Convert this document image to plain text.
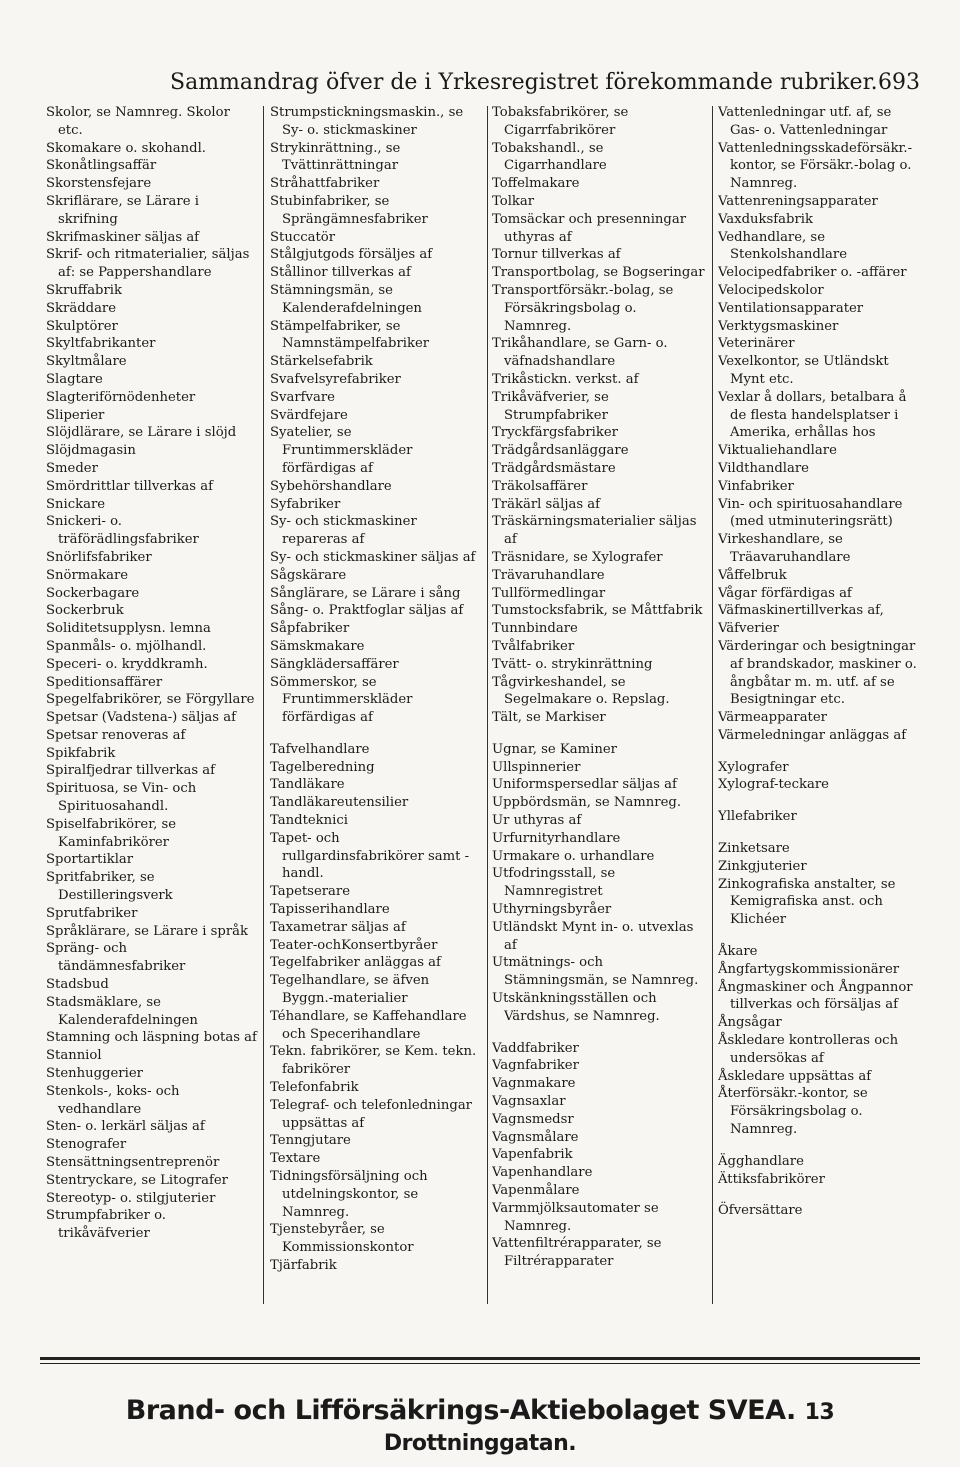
Sammandrag öfver de i Yrkesregistret förekommande rubriker. 693
Skolor, se Namnreg. Skolor etc.
Skomakare o. skohandl.
Skonåtlingsaffär
Skorstensfejare
Skriflärare, se Lärare i skrifning
Skrifmaskiner säljas af
Skrif- och ritmaterialier, säljas af: se Pappershandlare
Skruffabrik
Skräddare
Skulptörer
Skyltfabrikanter
Skyltmålare
Slagtare
Slagteriförnödenheter
Sliperier
Slöjdlärare, se Lärare i slöjd
Slöjdmagasin
Smeder
Smördrittlar tillverkas af
Snickare
Snickeri- o. träförädlingsfabriker
Snörlifsfabriker
Snörmakare
Sockerbagare
Sockerbruk
Soliditetsupplysn. lemna
Spanmåls- o. mjölhandl.
Speceri- o. kryddkramh.
Speditionsaffärer
Spegelfabrikörer, se Förgyllare
Spetsar (Vadstena-) säljas af
Spetsar renoveras af
Spikfabrik
Spiralfjedrar tillverkas af
Spirituosa, se Vin- och Spirituosahandl.
Spiselfabrikörer, se Kaminfabrikörer
Sportartiklar
Spritfabriker, se Destilleringsverk
Sprutfabriker
Språklärare, se Lärare i språk
Spräng- och tändämnesfabriker
Stadsbud
Stadsmäklare, se Kalenderafdelningen
Stamning och läspning botas af
Stanniol
Stenhuggerier
Stenkols-, koks- och vedhandlare
Sten- o. lerkärl säljas af
Stenografer
Stensättningsentreprenör
Stentryckare, se Litografer
Stereotyp- o. stilgjuterier
Strumpfabriker o. trikåväfverier
Strumpstickningsmaskin., se Sy- o. stickmaskiner
Strykinrättning., se Tvättinrättningar
Stråhattfabriker
Stubinfabriker, se Sprängämnesfabriker
Stuccatör
Stålgjutgods försäljes af
Stållinor tillverkas af
Stämningsmän, se Kalenderafdelningen
Stämpelfabriker, se Namnstämpelfabriker
Stärkelsefabrik
Svafvelsyrefabriker
Svarfvare
Svärdfejare
Syatelier, se Fruntimmerskläder förfärdigas af
Sybehörshandlare
Syfabriker
Sy- och stickmaskiner repareras af
Sy- och stickmaskiner säljas af
Sågskärare
Sånglärare, se Lärare i sång
Sång- o. Praktfoglar säljas af
Såpfabriker
Sämskmakare
Sängklädersaffärer
Sömmerskor, se Fruntimmerskläder förfärdigas af
Tafvelhandlare
Tagelberedning
Tandläkare
Tandläkareutensilier
Tandteknici
Tapet- och rullgardinsfabrikörer samt -handl.
Tapetserare
Tapisserihandlare
Taxametrar säljas af
Teater-ochKonsertbyråer
Tegelfabriker anläggas af
Tegelhandlare, se äfven Byggn.-materialier
Téhandlare, se Kaffehandlare och Specerihandlare
Tekn. fabrikörer, se Kem. tekn. fabrikörer
Telefonfabrik
Telegraf- och telefonledningar uppsättas af
Tenngjutare
Textare
Tidningsförsäljning och utdelningskontor, se Namnreg.
Tjenstebyråer, se Kommissionskontor
Tjärfabrik
Tobaksfabrikörer, se Cigarrfabrikörer
Tobakshandl., se Cigarrhandlare
Toffelmakare
Tolkar
Tomsäckar och presenningar uthyras af
Tornur tillverkas af
Transportbolag, se Bogseringar
Transportförsäkr.-bolag, se Försäkringsbolag o. Namnreg.
Trikåhandlare, se Garn- o. väfnadshandlare
Trikåstickn. verkst. af
Trikåväfverier, se Strumpfabriker
Tryckfärgsfabriker
Trädgårdsanläggare
Trädgårdsmästare
Träkolsaffärer
Träkärl säljas af
Träskärningsmaterialier säljas af
Träsnidare, se Xylografer
Trävaruhandlare
Tullförmedlingar
Tumstocksfabrik, se Måttfabrik
Tunnbindare
Tvålfabriker
Tvätt- o. strykinrättning
Tågvirkeshandel, se Segelmakare o. Repslag.
Tält, se Markiser
Ugnar, se Kaminer
Ullspinnerier
Uniformspersedlar säljas af
Uppbördsmän, se Namnreg.
Ur uthyras af
Urfurnityrhandlare
Urmakare o. urhandlare
Utfodringsstall, se Namnregistret
Uthyrningsbyråer
Utländskt Mynt in- o. utvexlas af
Utmätnings- och Stämningsmän, se Namnreg.
Utskänkningsställen och Värdshus, se Namnreg.
Vaddfabriker
Vagnfabriker
Vagnmakare
Vagnsaxlar
Vagnsmedsr
Vagnsmålare
Vapenfabrik
Vapenhandlare
Vapenmålare
Varmmjölksautomater se Namnreg.
Vattenfiltrérapparater, se Filtrérapparater
Vattenledningar utf. af, se Gas- o. Vattenledningar
Vattenledningsskadeförsäkr.-kontor, se Försäkr.-bolag o. Namnreg.
Vattenreningsapparater
Vaxduksfabrik
Vedhandlare, se Stenkolshandlare
Velocipedfabriker o. -affärer
Velocipedskolor
Ventilationsapparater
Verktygsmaskiner
Veterinärer
Vexelkontor, se Utländskt Mynt etc.
Vexlar å dollars, betalbara å de flesta handelsplatser i Amerika, erhållas hos
Viktualiehandlare
Vildthandlare
Vinfabriker
Vin- och spirituosahandlare (med utminuteringsrätt)
Virkeshandlare, se Träavaruhandlare
Våffelbruk
Vågar förfärdigas af
Väfmaskinertillverkas af,
Väfverier
Värderingar och besigtningar af brandskador, maskiner o. ångbåtar m. m. utf. af se Besigtningar etc.
Värmeapparater
Värmeledningar anläggas af
Xylografer
Xylograf-teckare
Yllefabriker
Zinketsare
Zinkgjuterier
Zinkografiska anstalter, se Kemigrafiska anst. och Klichéer
Åkare
Ångfartygskommissionärer
Ångmaskiner och Ångpannor tillverkas och försäljas af
Ångsågar
Åskledare kontrolleras och undersökas af
Åskledare uppsättas af
Återförsäkr.-kontor, se Försäkringsbolag o. Namnreg.
Ägghandlare
Ättiksfabrikörer
Öfversättare
Brand- och Lifförsäkrings-Aktiebolaget SVEA. 13 Drottninggatan.
